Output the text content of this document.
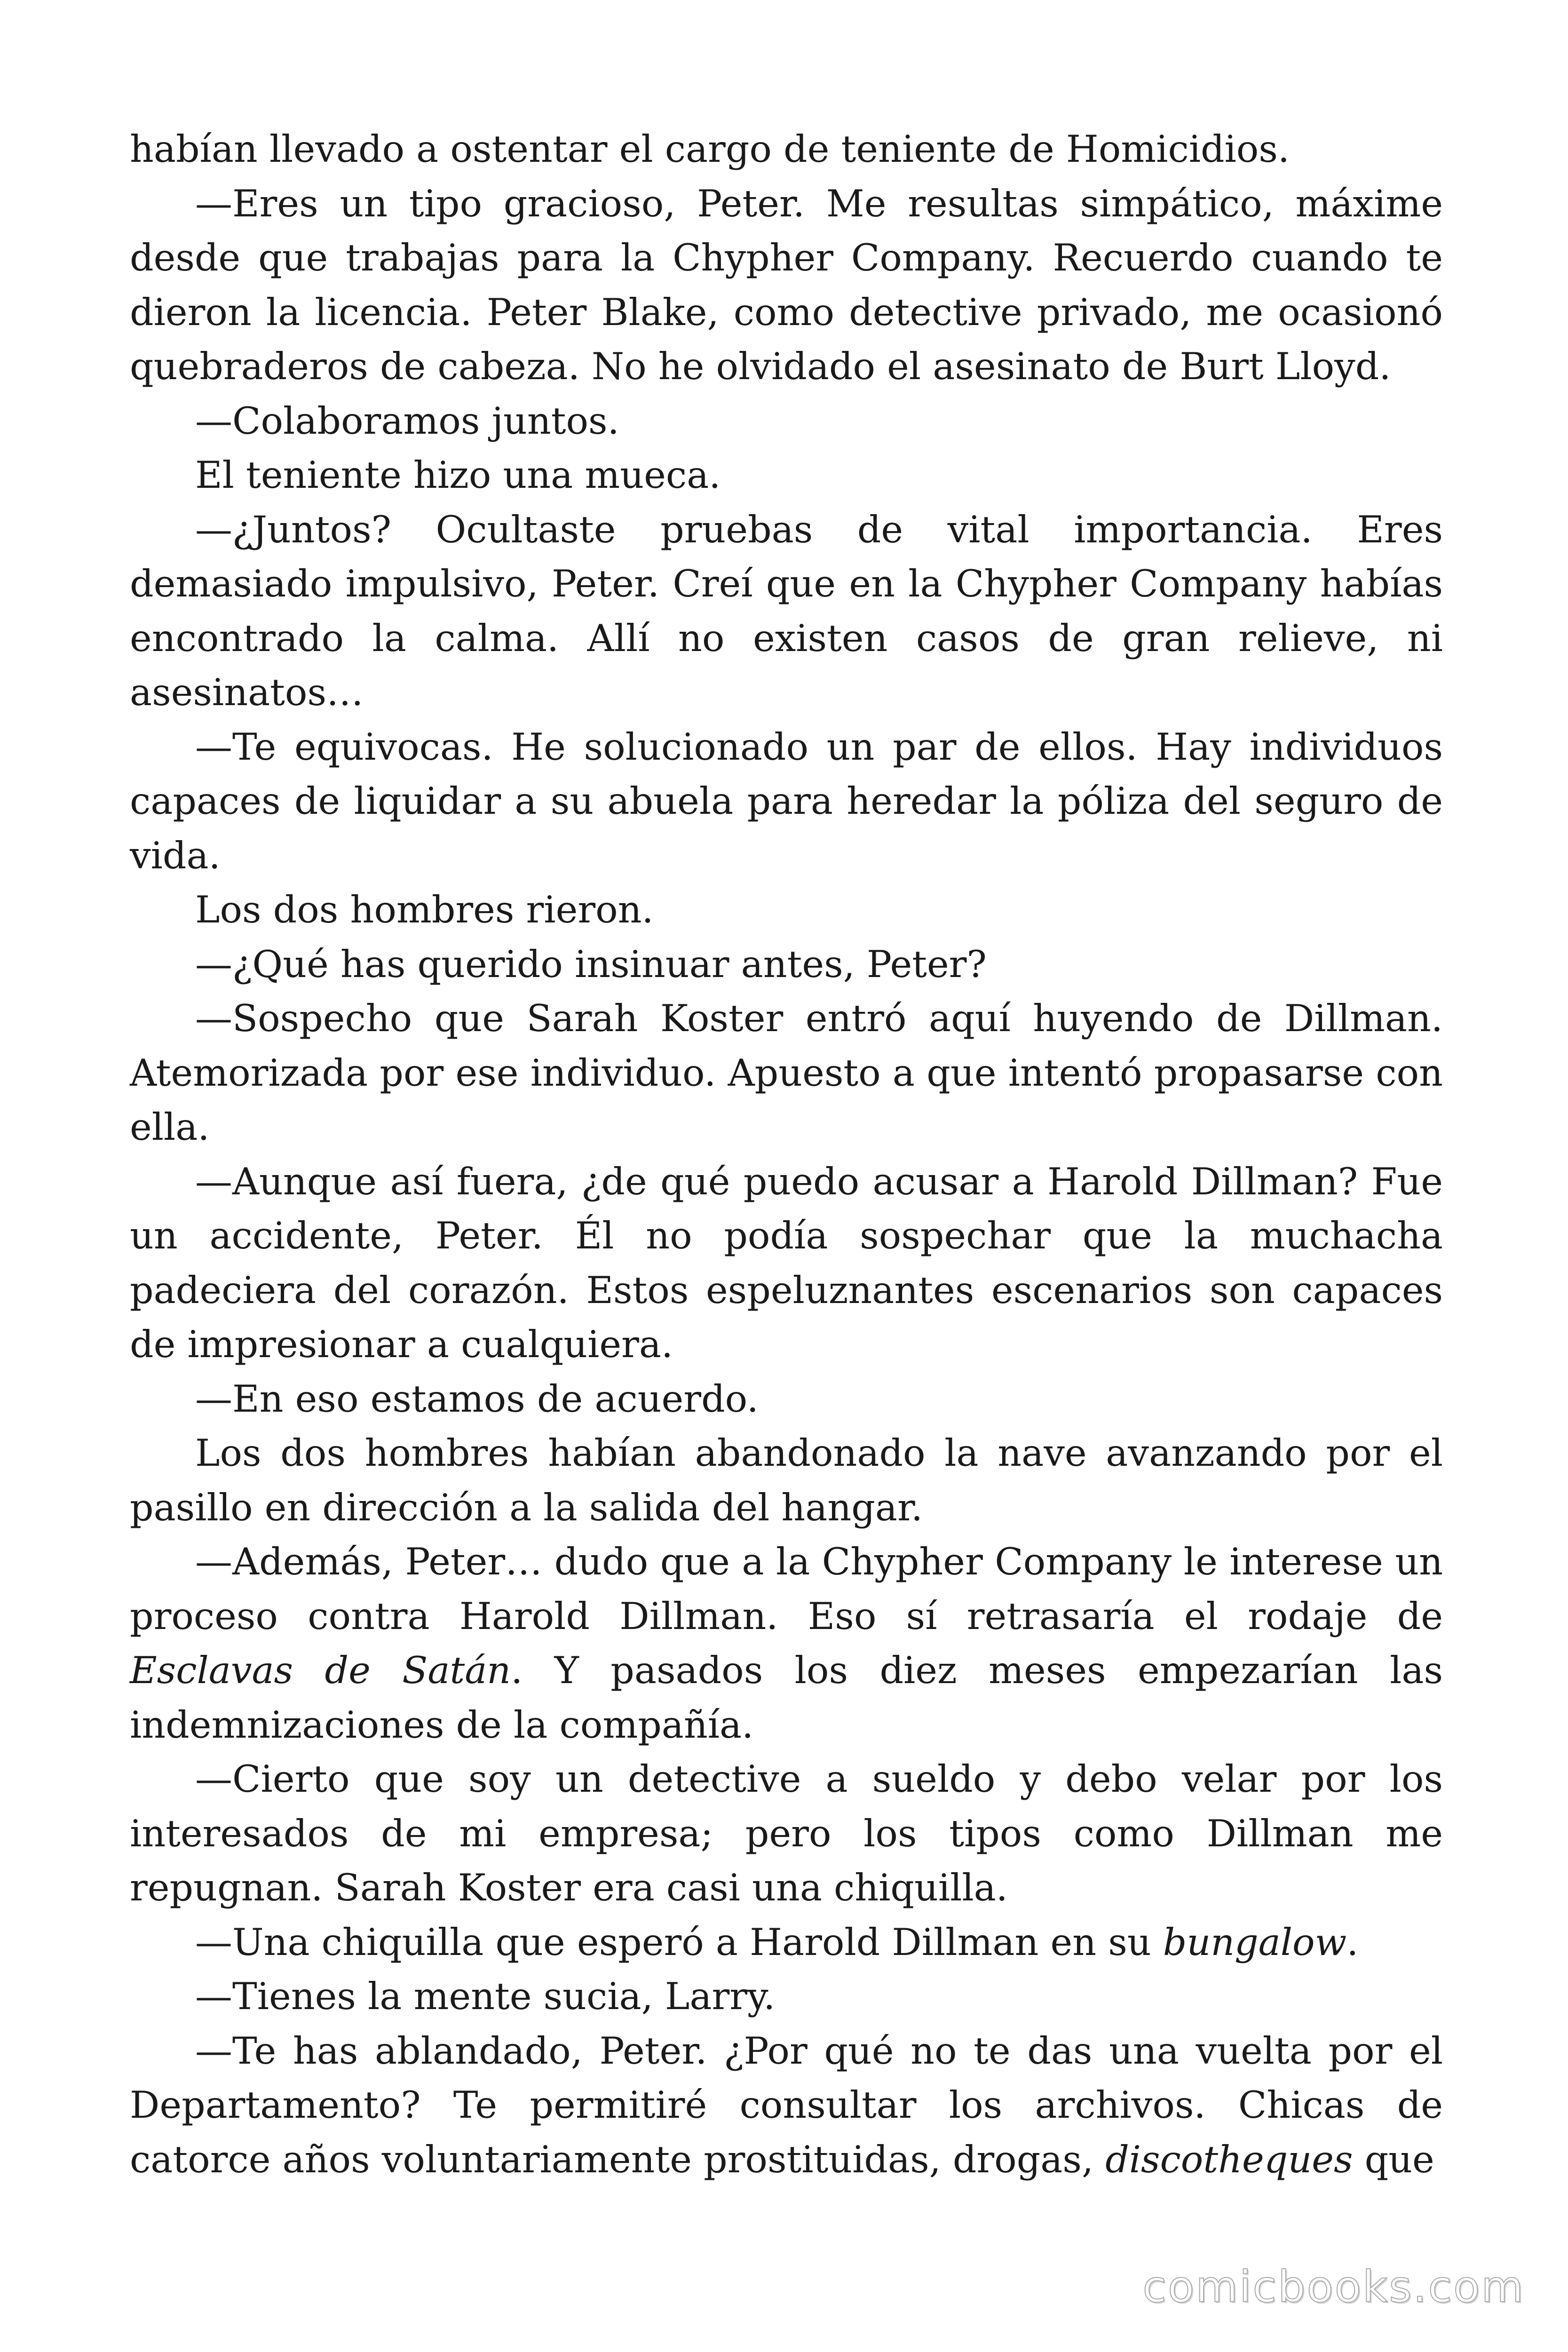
habían llevado a ostentar el cargo de teniente de Homicidios.

—Eres un tipo gracioso, Peter. Me resultas simpático, máxime desde que trabajas para la Chypher Company. Recuerdo cuando te dieron la licencia. Peter Blake, como detective privado, me ocasionó quebraderos de cabeza. No he olvidado el asesinato de Burt Lloyd.

—Colaboramos juntos.

El teniente hizo una mueca.

—¿Juntos? Ocultaste pruebas de vital importancia. Eres demasiado impulsivo, Peter. Creí que en la Chypher Company habías encontrado la calma. Allí no existen casos de gran relieve, ni asesinatos…

—Te equivocas. He solucionado un par de ellos. Hay individuos capaces de liquidar a su abuela para heredar la póliza del seguro de vida.

Los dos hombres rieron.

—¿Qué has querido insinuar antes, Peter?

—Sospecho que Sarah Koster entró aquí huyendo de Dillman. Atemorizada por ese individuo. Apuesto a que intentó propasarse con ella.

—Aunque así fuera, ¿de qué puedo acusar a Harold Dillman? Fue un accidente, Peter. Él no podía sospechar que la muchacha padeciera del corazón. Estos espeluznantes escenarios son capaces de impresionar a cualquiera.

—En eso estamos de acuerdo.

Los dos hombres habían abandonado la nave avanzando por el pasillo en dirección a la salida del hangar.

—Además, Peter… dudo que a la Chypher Company le interese un proceso contra Harold Dillman. Eso sí retrasaría el rodaje de Esclavas de Satán. Y pasados los diez meses empezarían las indemnizaciones de la compañía.

—Cierto que soy un detective a sueldo y debo velar por los interesados de mi empresa; pero los tipos como Dillman me repugnan. Sarah Koster era casi una chiquilla.

—Una chiquilla que esperó a Harold Dillman en su bungalow.

—Tienes la mente sucia, Larry.

—Te has ablandado, Peter. ¿Por qué no te das una vuelta por el Departamento? Te permitiré consultar los archivos. Chicas de catorce años voluntariamente prostituidas, drogas, discotheques que

comicbooks.com
